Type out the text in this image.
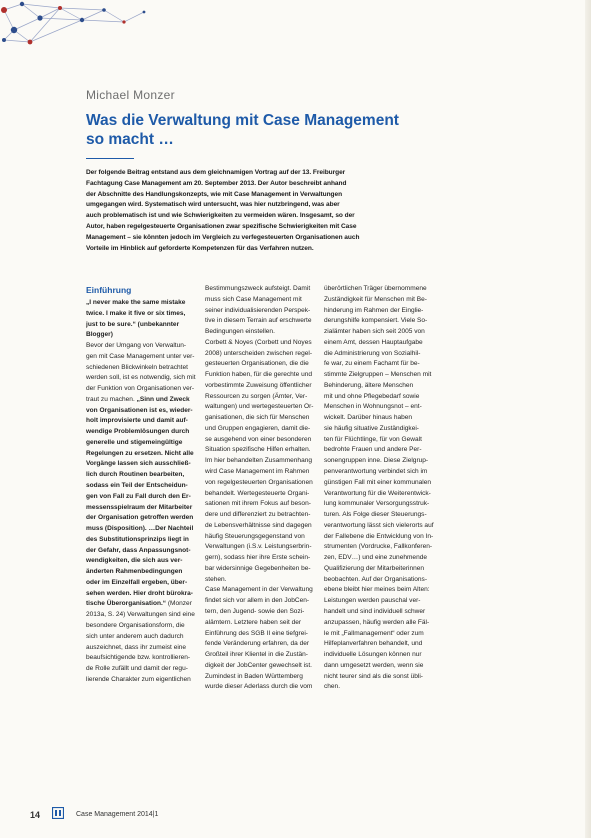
Michael Monzer
Was die Verwaltung mit Case Management
so macht …
Der folgende Beitrag entstand aus dem gleichnamigen Vortrag auf der 13. Freiburger
Fachtagung Case Management am 20. September 2013. Der Autor beschreibt anhand
der Abschnitte des Handlungskonzepts, wie mit Case Management in Verwaltungen
umgegangen wird. Systematisch wird untersucht, was hier nutzbringend, was aber
auch problematisch ist und wie Schwierigkeiten zu vermeiden wären. Insgesamt, so der
Autor, haben regelgesteuerte Organisationen zwar spezifische Schwierigkeiten mit Case
Management – sie könnten jedoch im Vergleich zu verfegesteuerten Organisationen auch
Vorteile im Hinblick auf geforderte Kompetenzen für das Verfahren nutzen.
Einführung
„I never make the same mistake
twice. I make it five or six times,
just to be sure.“ (unbekannter
Blogger)
Bevor der Umgang von Verwaltun-
gen mit Case Management unter ver-
schiedenen Blickwinkeln betrachtet
werden soll, ist es notwendig, sich mit
der Funktion von Organisationen ver-
traut zu machen. „Sinn und Zweck
von Organisationen ist es, wieder-
holt improvisierte und damit auf-
wendige Problemlösungen durch
generelle und stigemeingültige
Regelungen zu ersetzen. Nicht alle
Vorgänge lassen sich ausschließ-
lich durch Routinen bearbeiten,
sodass ein Teil der Entscheidun-
gen von Fall zu Fall durch den Er-
messensspielraum der Mitarbeiter
der Organisation getroffen werden
muss (Disposition). …Der Nachteil
des Substitutionsprinzips liegt in
der Gefahr, dass Anpassungsnot-
wendigkeiten, die sich aus ver-
änderten Rahmenbedingungen
oder im Einzelfall ergeben, über-
sehen werden. Hier droht bürokra-
tische Überorganisation.“ (Monzer
2013a, S. 24) Verwaltungen sind eine
besondere Organisationsform, die
sich unter anderem auch dadurch
auszeichnet, dass ihr zumeist eine
beaufsichtigende bzw. kontrollieren-
de Rolle zufällt und damit der regu-
lierende Charakter zum eigentlichen
Bestimmungszweck aufsteigt. Damit
muss sich Case Management mit
seiner individualisierenden Perspek-
tive in diesem Terrain auf erschwerte
Bedingungen einstellen.
Corbett & Noyes (Corbett und Noyes
2008) unterscheiden zwischen regel-
gesteuerten Organisationen, die die
Funktion haben, für die gerechte und
vorbestimmte Zuweisung öffentlicher
Ressourcen zu sorgen (Ämter, Ver-
waltungen) und wertegesteuerten Or-
ganisationen, die sich für Menschen
und Gruppen engagieren, damit die-
se ausgehend von einer besonderen
Situation spezifische Hilfen erhalten.
Im hier behandelten Zusammenhang
wird Case Management im Rahmen
von regelgesteuerten Organisationen
behandelt. Wertegesteuerte Organi-
sationen mit ihrem Fokus auf beson-
dere und differenziert zu betrachten-
de Lebensverhältnisse sind dagegen
häufig Steuerungsgegenstand von
Verwaltungen (i.S.v. Leistungserbrin-
gern), sodass hier ihre Erste schein-
bar widersinnige Gegebenheiten be-
stehen.
Case Management in der Verwaltung
findet sich vor allem in den JobCen-
tern, den Jugend- sowie den Sozi-
alämtern. Letztere haben seit der
Einführung des SGB II eine tiefgrei-
fende Veränderung erfahren, da der
Großteil ihrer Klientel in die Zustän-
digkeit der JobCenter gewechselt ist.
Zumindest in Baden Württemberg
wurde dieser Aderlass durch die vom
überörtlichen Träger übernommene
Zuständigkeit für Menschen mit Be-
hinderung im Rahmen der Einglie-
derungshilfe kompensiert. Viele So-
zialämter haben sich seit 2005 von
einem Amt, dessen Hauptaufgabe
die Administrierung von Sozialhil-
fe war, zu einem Fachamt für be-
stimmte Zielgruppen – Menschen mit
Behinderung, ältere Menschen
mit und ohne Pflegebedarf sowie
Menschen in Wohnungsnot – ent-
wickelt. Darüber hinaus haben
sie häufig situative Zuständigkei-
ten für Flüchtlinge, für von Gewalt
bedrohte Frauen und andere Per-
sonengruppen inne. Diese Zielgrup-
penverantwortung verbindet sich im
günstigen Fall mit einer kommunalen
Verantwortung für die Weiterentwick-
lung kommunaler Versorgungsstruk-
turen. Als Folge dieser Steuerungs-
verantwortung lässt sich vielerorts auf
der Fallebene die Entwicklung von In-
strumenten (Vordrucke, Fallkonferen-
zen, EDV…) und eine zunehmende
Qualifizierung der Mitarbeiterinnen
beobachten. Auf der Organisations-
ebene bleibt hier meines beim Alten:
Leistungen werden pauschal ver-
handelt und sind individuell schwer
anzupassen, häufig werden alle Fäl-
le mit „Fallmanagement“ oder zum
Hilfeplanverfahren behandelt, und
individuelle Lösungen können nur
dann umgesetzt werden, wenn sie
nicht teurer sind als die sonst übli-
chen.
14	Case Management 2014|1
